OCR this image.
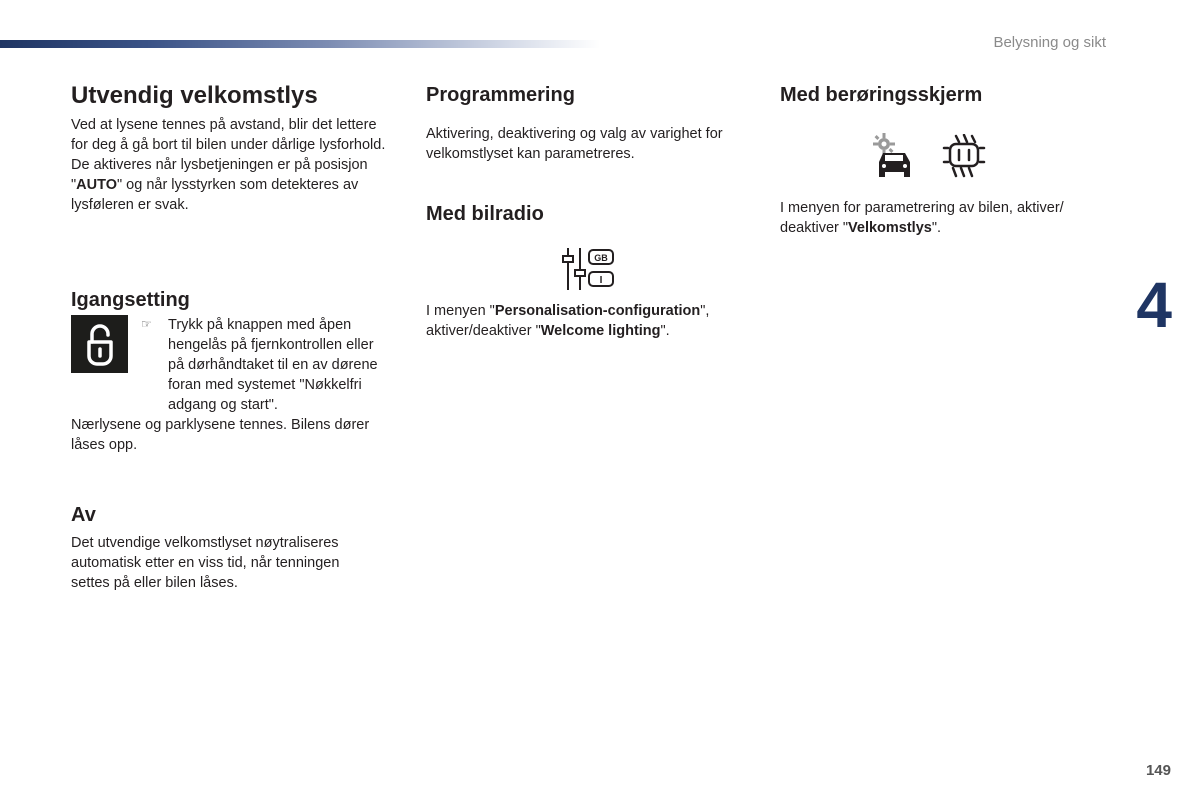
Belysning og sikt
Utvendig velkomstlys

Ved at lysene tennes på avstand, blir det lettere for deg å gå bort til bilen under dårlige lysforhold. De aktiveres når lysbetjeningen er på posisjon "AUTO" og når lysstyrken som detekteres av lysføleren er svak.

Igangsetting
☞ Trykk på knappen med åpen hengelås på fjernkontrollen eller på dørhåndtaket til en av dørene foran med systemet "Nøkkelfri adgang og start".

Nærlysene og parklysene tennes. Bilens dører låses opp.

Av

Det utvendige velkomstlyset nøytraliseres automatisk etter en viss tid, når tenningen settes på eller bilen låses.

Programmering

Aktivering, deaktivering og valg av varighet for velkomstlyset kan parametreres.

Med bilradio
GB
I

I menyen "Personalisation-configuration", aktiver/deaktiver "Welcome lighting".

Med berøringsskjerm

I menyen for parametrering av bilen, aktiver/ deaktiver "Velkomstlys".

4
149
